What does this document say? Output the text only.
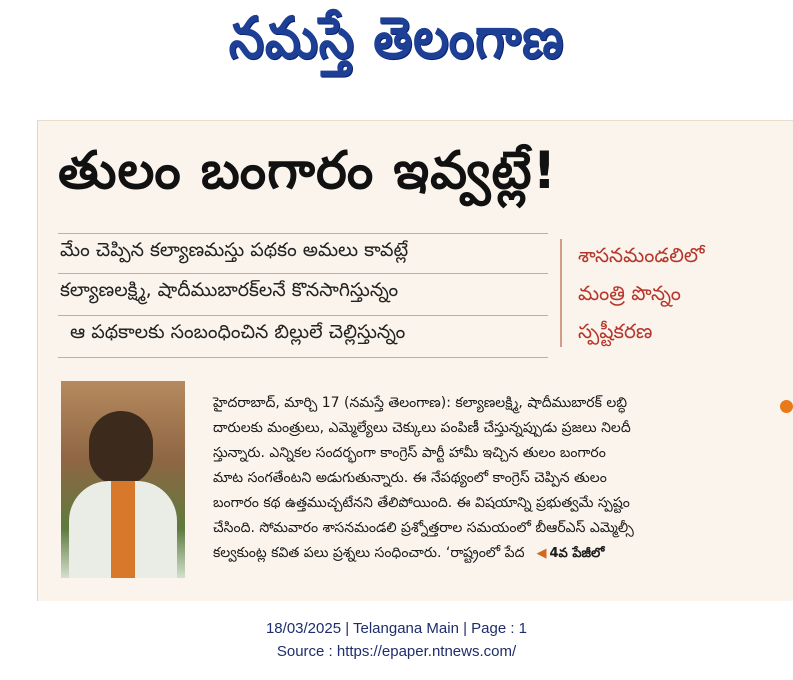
నమస్తే తెలంగాణ
తులం బంగారం ఇవ్వట్లే!
మేం చెప్పిన కల్యాణమస్తు పథకం అమలు కావట్లే
కల్యాణలక్ష్మి, షాదీముబారక్‌లనే కొనసాగిస్తున్నం
ఆ పథకాలకు సంబంధించిన బిల్లులే చెల్లిస్తున్నం
శాసనమండలిలో
మంత్రి పొన్నం
స్పష్టీకరణ
హైదరాబాద్, మార్చి 17 (నమస్తే తెలంగాణ): కల్యాణలక్ష్మి, షాదీముబారక్ లబ్ధి
దారులకు మంత్రులు, ఎమ్మెల్యేలు చెక్కులు పంపిణీ చేస్తున్నప్పుడు ప్రజలు నిలదీ
స్తున్నారు. ఎన్నికల సందర్భంగా కాంగ్రెస్ పార్టీ హామీ ఇచ్చిన తులం బంగారం
మాట సంగతేంటని అడుగుతున్నారు. ఈ నేపథ్యంలో కాంగ్రెస్ చెప్పిన తులం
బంగారం కథ ఉత్తముచ్చటేనని తేలిపోయింది. ఈ విషయాన్ని ప్రభుత్వమే స్పష్టం
చేసింది. సోమవారం శాసనమండలి ప్రశ్నోత్తరాల సమయంలో బీఆర్‌ఎస్ ఎమ్మెల్సీ
కల్వకుంట్ల కవిత పలు ప్రశ్నలు సంధించారు. ‘రాష్ట్రంలో పేద ◀ 4వ పేజీలో
18/03/2025 | Telangana Main | Page : 1
Source : https://epaper.ntnews.com/
